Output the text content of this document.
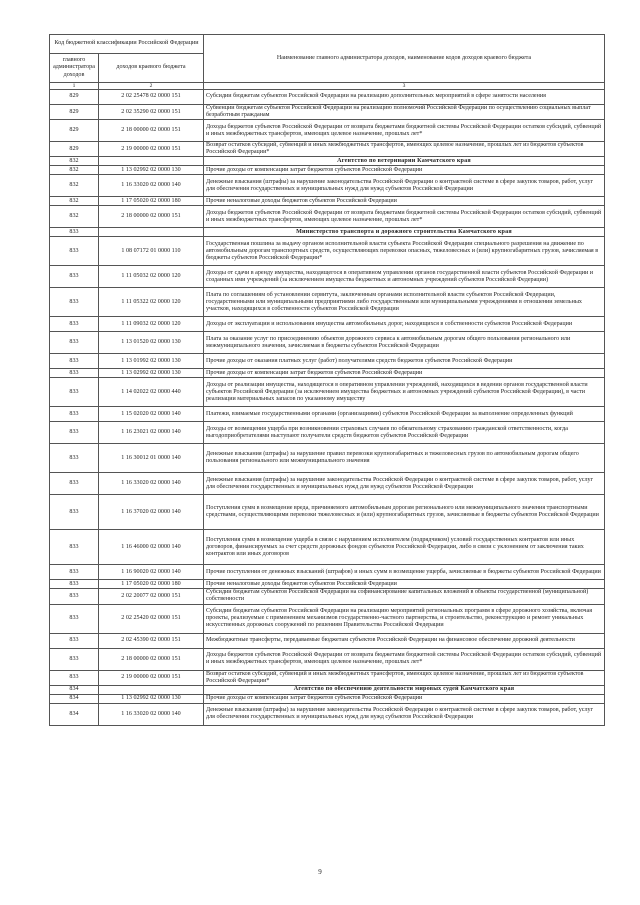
Код бюджетной классификации Российской Федерации		Наименование главного администратора доходов, наименование кодов доходов краевого бюджета
главного администратора доходов	доходов краевого бюджета	
1	2	3
829	2 02 25478 02 0000 151	Субсидии бюджетам субъектов Российской Федерации на реализацию дополнительных мероприятий в сфере занятости населения
829	2 02 35290 02 0000 151	Субвенции бюджетам субъектов Российской Федерации на реализацию полномочий Российской Федерации по осуществлению социальных выплат безработным гражданам
829	2 18 00000 02 0000 151	Доходы бюджетов субъектов Российской Федерации от возврата бюджетами бюджетной системы Российской Федерации остатков субсидий, субвенций и иных межбюджетных трансфертов, имеющих целевое назначение, прошлых лет*
829	2 19 00000 02 0000 151	Возврат остатков субсидий, субвенций и иных межбюджетных трансфертов, имеющих целевое назначение, прошлых лет из бюджетов субъектов Российской Федерации*
832		Агентство по ветеринарии Камчатского края
832	1 13 02992 02 0000 130	Прочие доходы от компенсации затрат бюджетов субъектов Российской Федерации
832	1 16 33020 02 0000 140	Денежные взыскания (штрафы) за нарушение законодательства Российской Федерации о контрактной системе в сфере закупок товаров, работ, услуг для обеспечения государственных и муниципальных нужд для нужд субъектов Российской Федерации
832	1 17 05020 02 0000 180	Прочие неналоговые доходы бюджетов субъектов Российской Федерации
832	2 18 00000 02 0000 151	Доходы бюджетов субъектов Российской Федерации от возврата бюджетами бюджетной системы Российской Федерации остатков субсидий, субвенций и иных межбюджетных трансфертов, имеющих целевое назначение, прошлых лет*
833		Министерство транспорта и дорожного строительства Камчатского края
833	1 08 07172 01 0000 110	Государственная пошлина за выдачу органом исполнительной власти субъекта Российской Федерации специального разрешения на движение по автомобильным дорогам транспортных средств, осуществляющих перевозки опасных, тяжеловесных и (или) крупногабаритных грузов, зачисляемая в бюджеты субъектов Российской Федерации*
833	1 11 05032 02 0000 120	Доходы от сдачи в аренду имущества, находящегося в оперативном управлении органов государственной власти субъектов Российской Федерации и созданных ими учреждений (за исключением имущества бюджетных и автономных учреждений субъектов Российской Федерации)
833	1 11 05322 02 0000 120	Плата по соглашениям об установлении сервитута, заключенным органами исполнительной власти субъектов Российской Федерации, государственными или муниципальными предприятиями либо государственными или муниципальными учреждениями в отношении земельных участков, находящихся в собственности субъектов Российской Федерации
833	1 11 09032 02 0000 120	Доходы от эксплуатации и использования имущества автомобильных дорог, находящихся в собственности субъектов Российской Федерации
833	1 13 01520 02 0000 130	Плата за оказание услуг по присоединению объектов дорожного сервиса к автомобильным дорогам общего пользования регионального или межмуниципального значения, зачисляемая в бюджеты субъектов Российской Федерации
833	1 13 01992 02 0000 130	Прочие доходы от оказания платных услуг (работ) получателями средств бюджетов субъектов Российской Федерации
833	1 13 02992 02 0000 130	Прочие доходы от компенсации затрат бюджетов субъектов Российской Федерации
833	1 14 02022 02 0000 440	Доходы от реализации имущества, находящегося в оперативном управлении учреждений, находящихся в ведении органов государственной власти субъектов Российской Федерации (за исключением имущества бюджетных и автономных учреждений субъектов Российской Федерации), в части реализации материальных запасов по указанному имуществу
833	1 15 02020 02 0000 140	Платежи, взимаемые государственными органами (организациями) субъектов Российской Федерации за выполнение определенных функций
833	1 16 23021 02 0000 140	Доходы от возмещения ущерба при возникновении страховых случаев по обязательному страхованию гражданской ответственности, когда выгодоприобретателями выступают получатели средств бюджетов субъектов Российской Федерации
833	1 16 30012 01 0000 140	Денежные взыскания (штрафы) за нарушение правил перевозки крупногабаритных и тяжеловесных грузов по автомобильным дорогам общего пользования регионального или межмуниципального значения
833	1 16 33020 02 0000 140	Денежные взыскания (штрафы) за нарушение законодательства Российской Федерации о контрактной системе в сфере закупок товаров, работ, услуг для обеспечения государственных и муниципальных нужд для нужд субъектов Российской Федерации
833	1 16 37020 02 0000 140	Поступления сумм в возмещение вреда, причиняемого автомобильным дорогам регионального или межмуниципального значения транспортными средствами, осуществляющими перевозки тяжеловесных и (или) крупногабаритных грузов, зачисляемые в бюджеты субъектов Российской Федерации
833	1 16 46000 02 0000 140	Поступления сумм в возмещение ущерба в связи с нарушением исполнителем (подрядчиком) условий государственных контрактов или иных договоров, финансируемых за счет средств дорожных фондов субъектов Российской Федерации, либо в связи с уклонением от заключения таких контрактов или иных договоров
833	1 16 90020 02 0000 140	Прочие поступления от денежных взысканий (штрафов) и иных сумм в возмещение ущерба, зачисляемые в бюджеты субъектов Российской Федерации
833	1 17 05020 02 0000 180	Прочие неналоговые доходы бюджетов субъектов Российской Федерации
833	2 02 20077 02 0000 151	Субсидии бюджетам субъектов Российской Федерации на софинансирование капитальных вложений в объекты государственной (муниципальной) собственности
833	2 02 25420 02 0000 151	Субсидии бюджетам субъектов Российской Федерации на реализацию мероприятий региональных программ в сфере дорожного хозяйства, включая проекты, реализуемые с применением механизмов государственно-частного партнерства, и строительство, реконструкцию и ремонт уникальных искусственных дорожных сооружений по решениям Правительства Российской Федерации
833	2 02 45390 02 0000 151	Межбюджетные трансферты, передаваемые бюджетам субъектов Российской Федерации на финансовое обеспечение дорожной деятельности
833	2 18 00000 02 0000 151	Доходы бюджетов субъектов Российской Федерации от возврата бюджетами бюджетной системы Российской Федерации остатков субсидий, субвенций и иных межбюджетных трансфертов, имеющих целевое назначение, прошлых лет*
833	2 19 00000 02 0000 151	Возврат остатков субсидий, субвенций и иных межбюджетных трансфертов, имеющих целевое назначение, прошлых лет из бюджетов субъектов Российской Федерации*
834		Агентство по обеспечению деятельности мировых судей Камчатского края
834	1 13 02992 02 0000 130	Прочие доходы от компенсации затрат бюджетов субъектов Российской Федерации
834	1 16 33020 02 0000 140	Денежные взыскания (штрафы) за нарушение законодательства Российской Федерации о контрактной системе в сфере закупок товаров, работ, услуг для обеспечения государственных и муниципальных нужд для нужд субъектов Российской Федерации
9
